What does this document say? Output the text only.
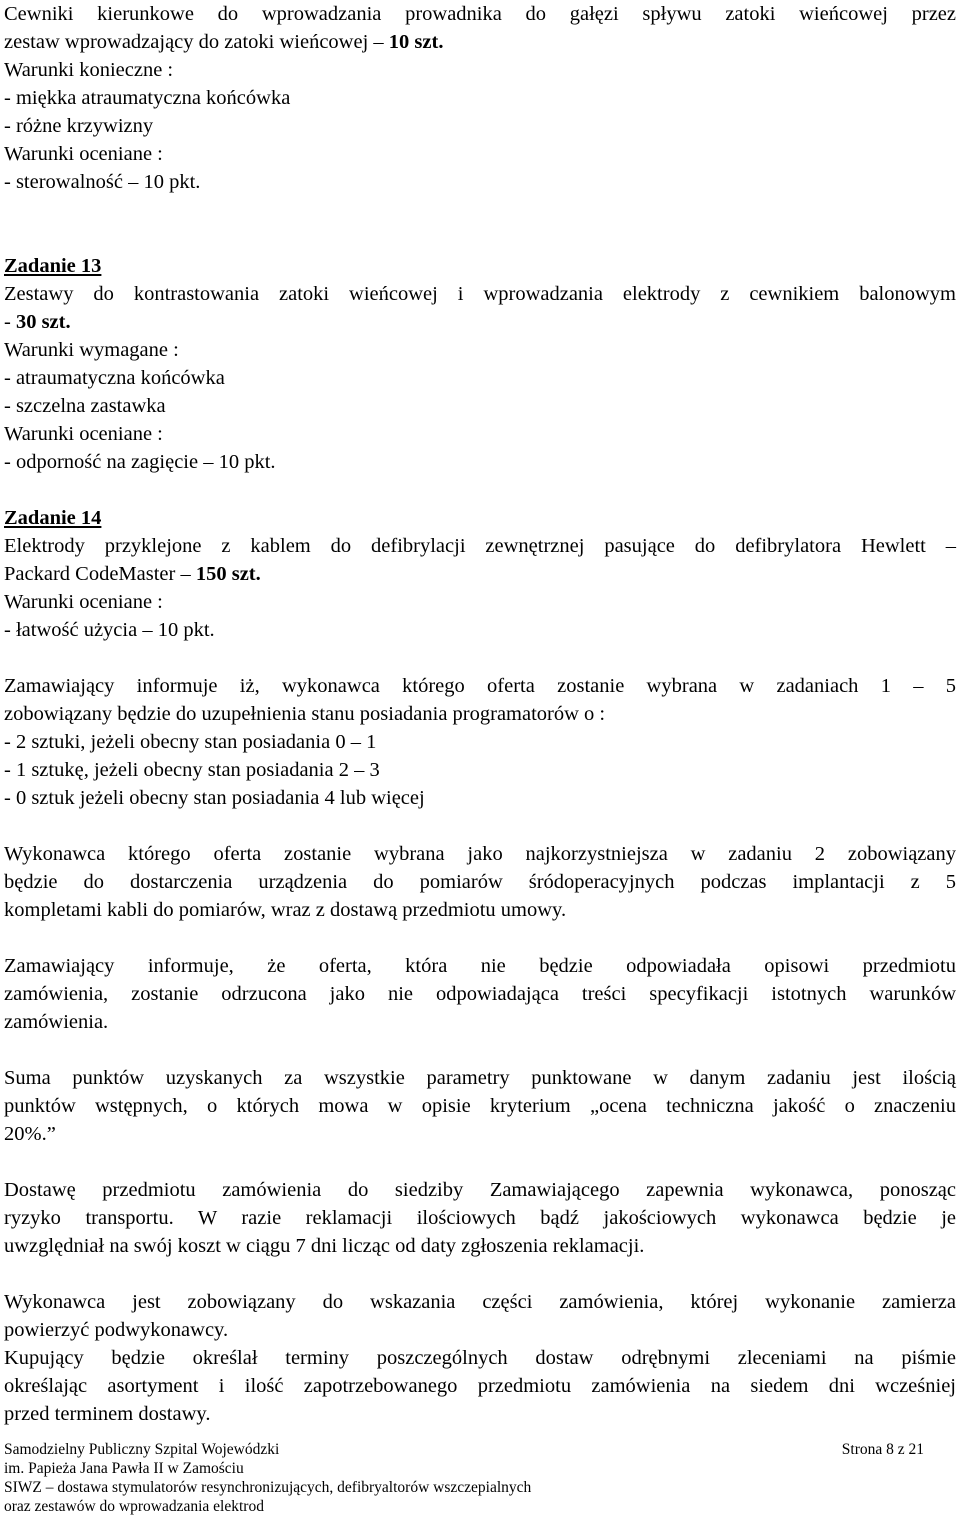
Cewniki kierunkowe do wprowadzania prowadnika do gałęzi spływu zatoki wieńcowej przez
zestaw wprowadzający do zatoki wieńcowej – 10 szt.
Warunki konieczne :
- miękka atraumatyczna końcówka
- różne krzywizny
Warunki oceniane :
- sterowalność – 10 pkt.
Zadanie 13
Zestawy do kontrastowania zatoki wieńcowej i wprowadzania elektrody z cewnikiem balonowym
- 30 szt.
Warunki wymagane :
- atraumatyczna końcówka
- szczelna zastawka
Warunki oceniane :
- odporność na zagięcie – 10 pkt.
Zadanie 14
Elektrody przyklejone z kablem do defibrylacji zewnętrznej pasujące do defibrylatora Hewlett –
Packard CodeMaster – 150 szt.
Warunki oceniane :
- łatwość użycia – 10 pkt.
Zamawiający informuje iż, wykonawca którego oferta zostanie wybrana w zadaniach 1 – 5
zobowiązany będzie do uzupełnienia stanu posiadania programatorów o :
- 2 sztuki, jeżeli obecny stan posiadania 0 – 1
- 1 sztukę, jeżeli obecny stan posiadania 2 – 3
- 0 sztuk jeżeli obecny stan posiadania 4 lub więcej
Wykonawca którego oferta zostanie wybrana jako najkorzystniejsza w zadaniu 2 zobowiązany
będzie do dostarczenia urządzenia do pomiarów śródoperacyjnych podczas implantacji z 5
kompletami kabli do pomiarów, wraz z dostawą przedmiotu umowy.
Zamawiający informuje, że oferta, która nie będzie odpowiadała opisowi przedmiotu
zamówienia, zostanie odrzucona jako nie odpowiadająca treści specyfikacji istotnych warunków
zamówienia.
Suma punktów uzyskanych za wszystkie parametry punktowane w danym zadaniu jest ilością
punktów wstępnych, o których mowa w opisie kryterium „ocena techniczna jakość o znaczeniu
20%.”
Dostawę przedmiotu zamówienia do siedziby Zamawiającego zapewnia wykonawca, ponosząc
ryzyko transportu. W razie reklamacji ilościowych bądź jakościowych wykonawca będzie je
uwzględniał na swój koszt w ciągu 7 dni licząc od daty zgłoszenia reklamacji.
Wykonawca jest zobowiązany do wskazania części zamówienia, której wykonanie zamierza
powierzyć podwykonawcy.
Kupujący będzie określał terminy poszczególnych dostaw odrębnymi zleceniami na piśmie
określając asortyment i ilość zapotrzebowanego przedmiotu zamówienia na siedem dni wcześniej
przed terminem dostawy.
Samodzielny Publiczny Szpital Wojewódzki	Strona 8 z 21
im. Papieża Jana Pawła II w Zamościu
SIWZ – dostawa stymulatorów resynchronizujących, defibryaltorów wszczepialnych
oraz zestawów do wprowadzania elektrod
